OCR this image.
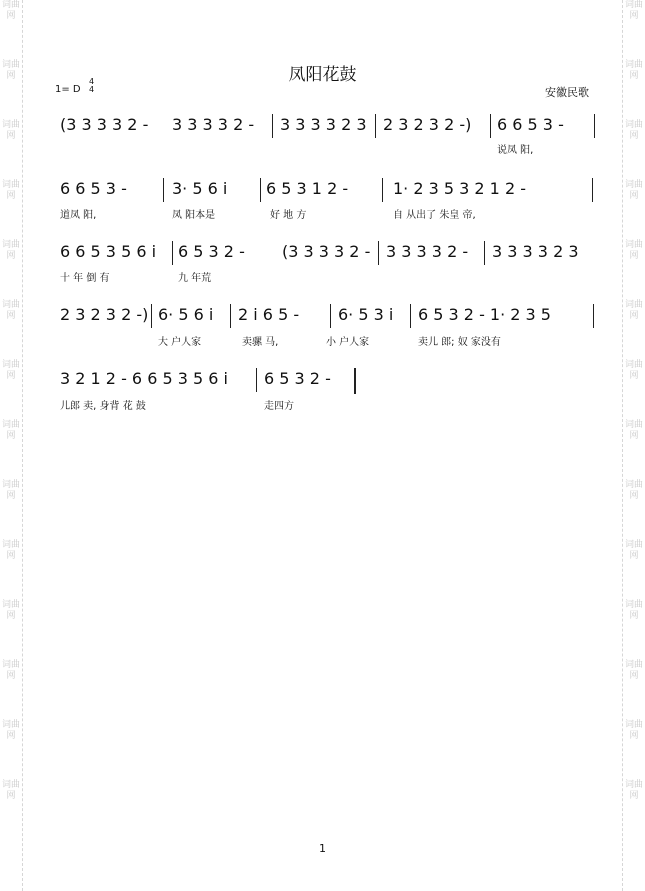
词曲网
词曲网
词曲网
词曲网
词曲网
词曲网
词曲网
词曲网
词曲网
词曲网
词曲网
词曲网
词曲网
词曲网
词曲网
词曲网
词曲网
词曲网
词曲网
词曲网
词曲网
词曲网
词曲网
词曲网
词曲网
词曲网
词曲网
词曲网
凤阳花鼓
1= D
4
4	安徽民歌
(3 3 3 3 2 - 3 3 3 3 2 - 3 3 3 3 2 3 2 3 2 3 2 -) 6 6 5 3 -
说凤 阳,
6 6 5 3 -	3· 5 6 i 6 5 3 1 2 -	1· 2 3 5 3 2 1 2 -
道凤 阳,	凤 阳本是	好 地 方	自 从出了 朱皇 帝,
6 6 5 3 5 6 i 6 5 3 2 - (3 3 3 3 2 - 3 3 3 3 2 - 3 3 3 3 2 3
十 年 倒 有	九 年荒
2 3 2 3 2 -) 6· 5 6 i 2 i 6 5 - 6· 5 3 i 6 5 3 2 - 1· 2 3 5
大 户人家	卖骡 马,	小 户人家	卖儿 郎; 奴 家没有
3 2 1 2 - 6 6 5 3 5 6 i 6 5 3 2 -
儿郎 卖, 身背 花 鼓	走四方
1
